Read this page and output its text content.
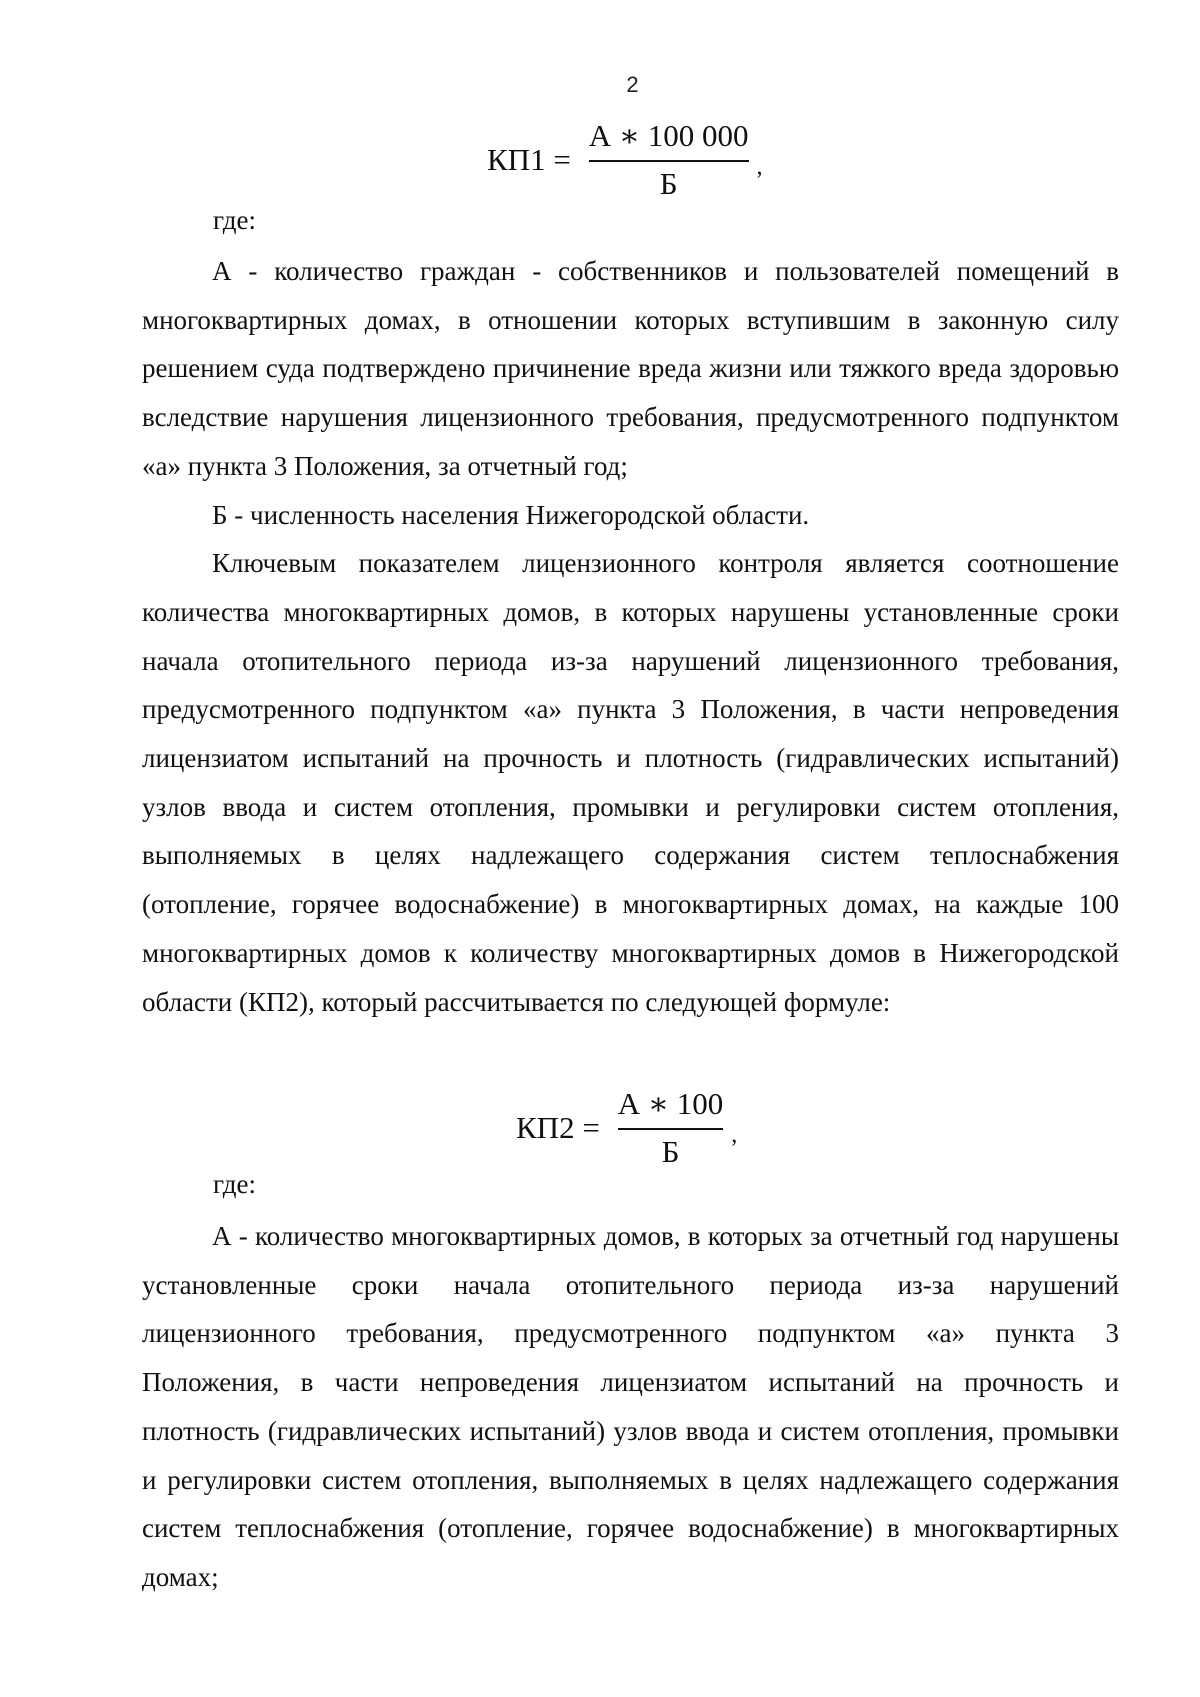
2
$КП1 = \frac{А ∗ 100 000}{Б}$ ,

где:

А - количество граждан - собственников и пользователей помещений в многоквартирных домах, в отношении которых вступившим в законную силу решением суда подтверждено причинение вреда жизни или тяжкого вреда здоровью вследствие нарушения лицензионного требования, предусмотренного подпунктом «а» пункта 3 Положения, за отчетный год;

Б - численность населения Нижегородской области.

Ключевым показателем лицензионного контроля является соотношение количества многоквартирных домов, в которых нарушены установленные сроки начала отопительного периода из-за нарушений лицензионного требования, предусмотренного подпунктом «а» пункта 3 Положения, в части непроведения лицензиатом испытаний на прочность и плотность (гидравлических испытаний) узлов ввода и систем отопления, промывки и регулировки систем отопления, выполняемых в целях надлежащего содержания систем теплоснабжения (отопление, горячее водоснабжение) в многоквартирных домах, на каждые 100 многоквартирных домов к количеству многоквартирных домов в Нижегородской области (КП2), который рассчитывается по следующей формуле:

$КП2 = \frac{А ∗ 100}{Б}$ ,

где:

А - количество многоквартирных домов, в которых за отчетный год нарушены установленные сроки начала отопительного периода из-за нарушений лицензионного требования, предусмотренного подпунктом «а» пункта 3 Положения, в части непроведения лицензиатом испытаний на прочность и плотность (гидравлических испытаний) узлов ввода и систем отопления, промывки и регулировки систем отопления, выполняемых в целях надлежащего содержания систем теплоснабжения (отопление, горячее водоснабжение) в многоквартирных домах;
